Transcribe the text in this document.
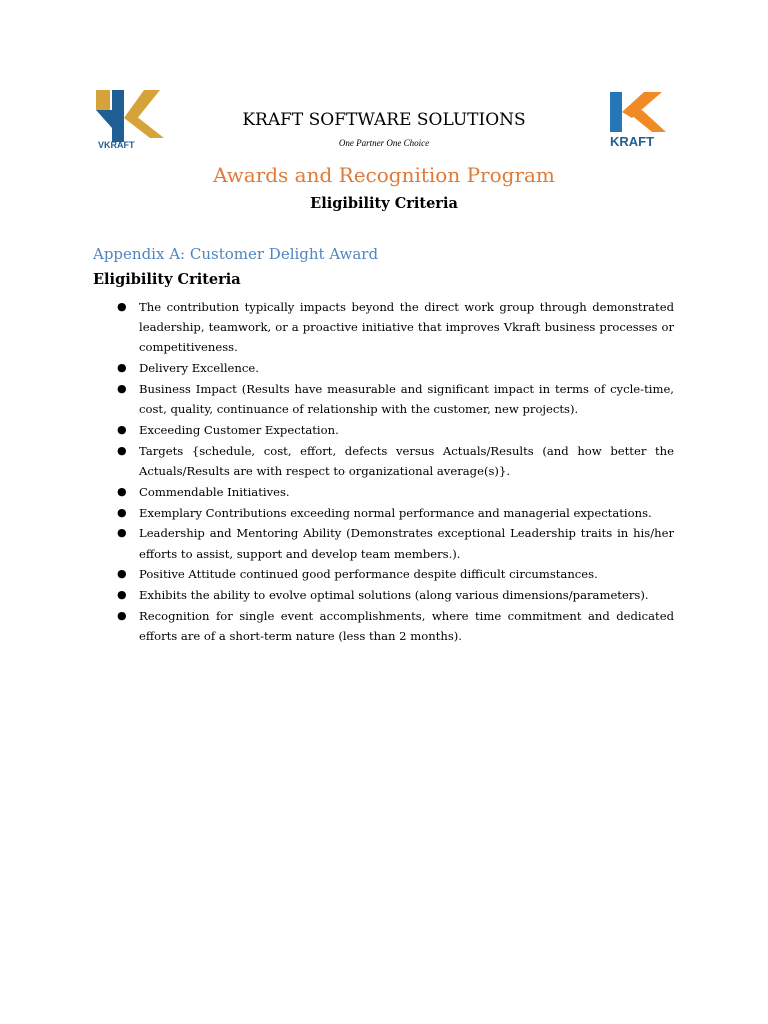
VKRAFT	KRAFT
KRAFT SOFTWARE SOLUTIONS
One Partner One Choice
Awards and Recognition Program
Eligibility Criteria
Appendix A: Customer Delight Award
Eligibility Criteria
● The contribution typically impacts beyond the direct work group through demonstrated leadership, teamwork, or a proactive initiative that improves Vkraft business processes or competitiveness.
● Delivery Excellence.
● Business Impact (Results have measurable and significant impact in terms of cycle-time, cost, quality, continuance of relationship with the customer, new projects).
● Exceeding Customer Expectation.
● Targets {schedule, cost, effort, defects versus Actuals/Results (and how better the Actuals/Results are with respect to organizational average(s)}.
● Commendable Initiatives.
● Exemplary Contributions exceeding normal performance and managerial expectations.
● Leadership and Mentoring Ability (Demonstrates exceptional Leadership traits in his/her efforts to assist, support and develop team members.).
● Positive Attitude continued good performance despite difficult circumstances.
● Exhibits the ability to evolve optimal solutions (along various dimensions/parameters).
● Recognition for single event accomplishments, where time commitment and dedicated efforts are of a short-term nature (less than 2 months).
